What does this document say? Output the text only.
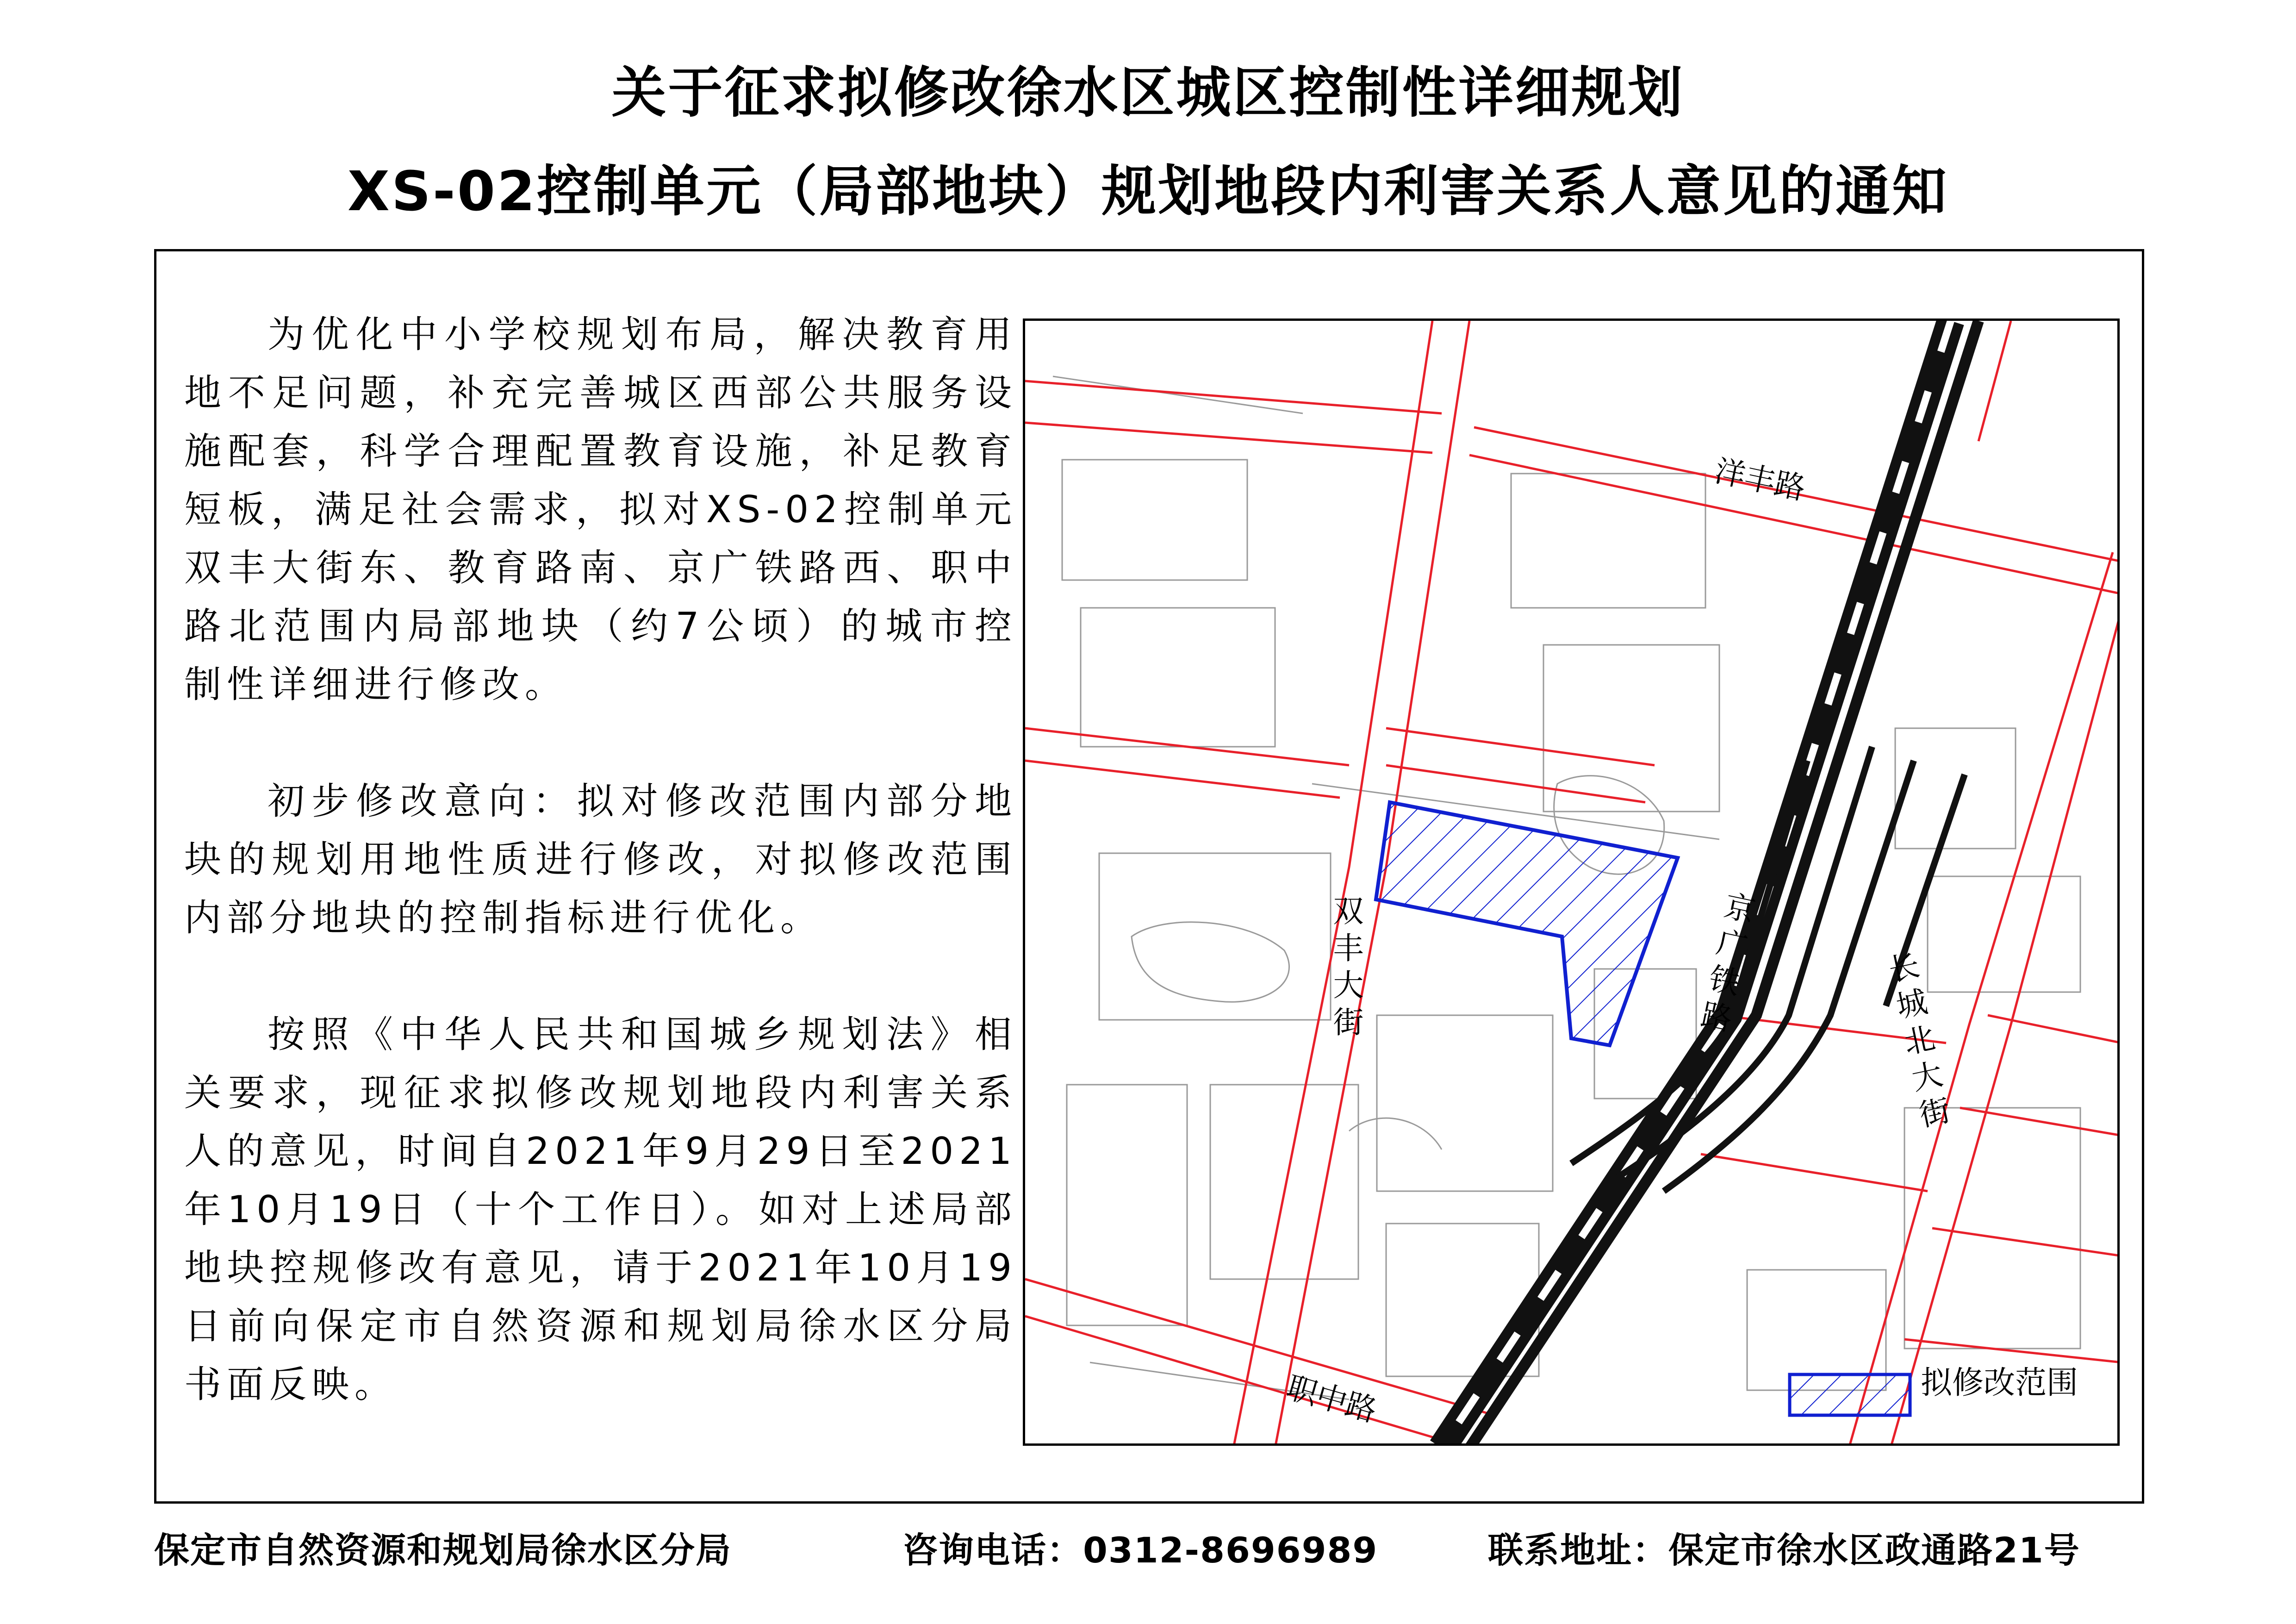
关于征求拟修改徐水区城区控制性详细规划
XS-02控制单元（局部地块）规划地段内利害关系人意见的通知
为优化中小学校规划布局，解决教育用地不足问题，补充完善城区西部公共服务设施配套，科学合理配置教育设施，补足教育短板，满足社会需求，拟对XS-02控制单元双丰大街东、教育路南、京广铁路西、职中路北范围内局部地块（约7公顷）的城市控制性详细进行修改。
初步修改意向：拟对修改范围内部分地块的规划用地性质进行修改，对拟修改范围内部分地块的控制指标进行优化。
按照《中华人民共和国城乡规划法》相关要求，现征求拟修改规划地段内利害关系人的意见，时间自2021年9月29日至2021年10月19日（十个工作日）。如对上述局部地块控规修改有意见，请于2021年10月19日前向保定市自然资源和规划局徐水区分局书面反映。
洋丰路
双丰大街	京广铁路	长城北大街
职中路	拟修改范围
保定市自然资源和规划局徐水区分局	咨询电话：0312-8696989	联系地址：保定市徐水区政通路21号
